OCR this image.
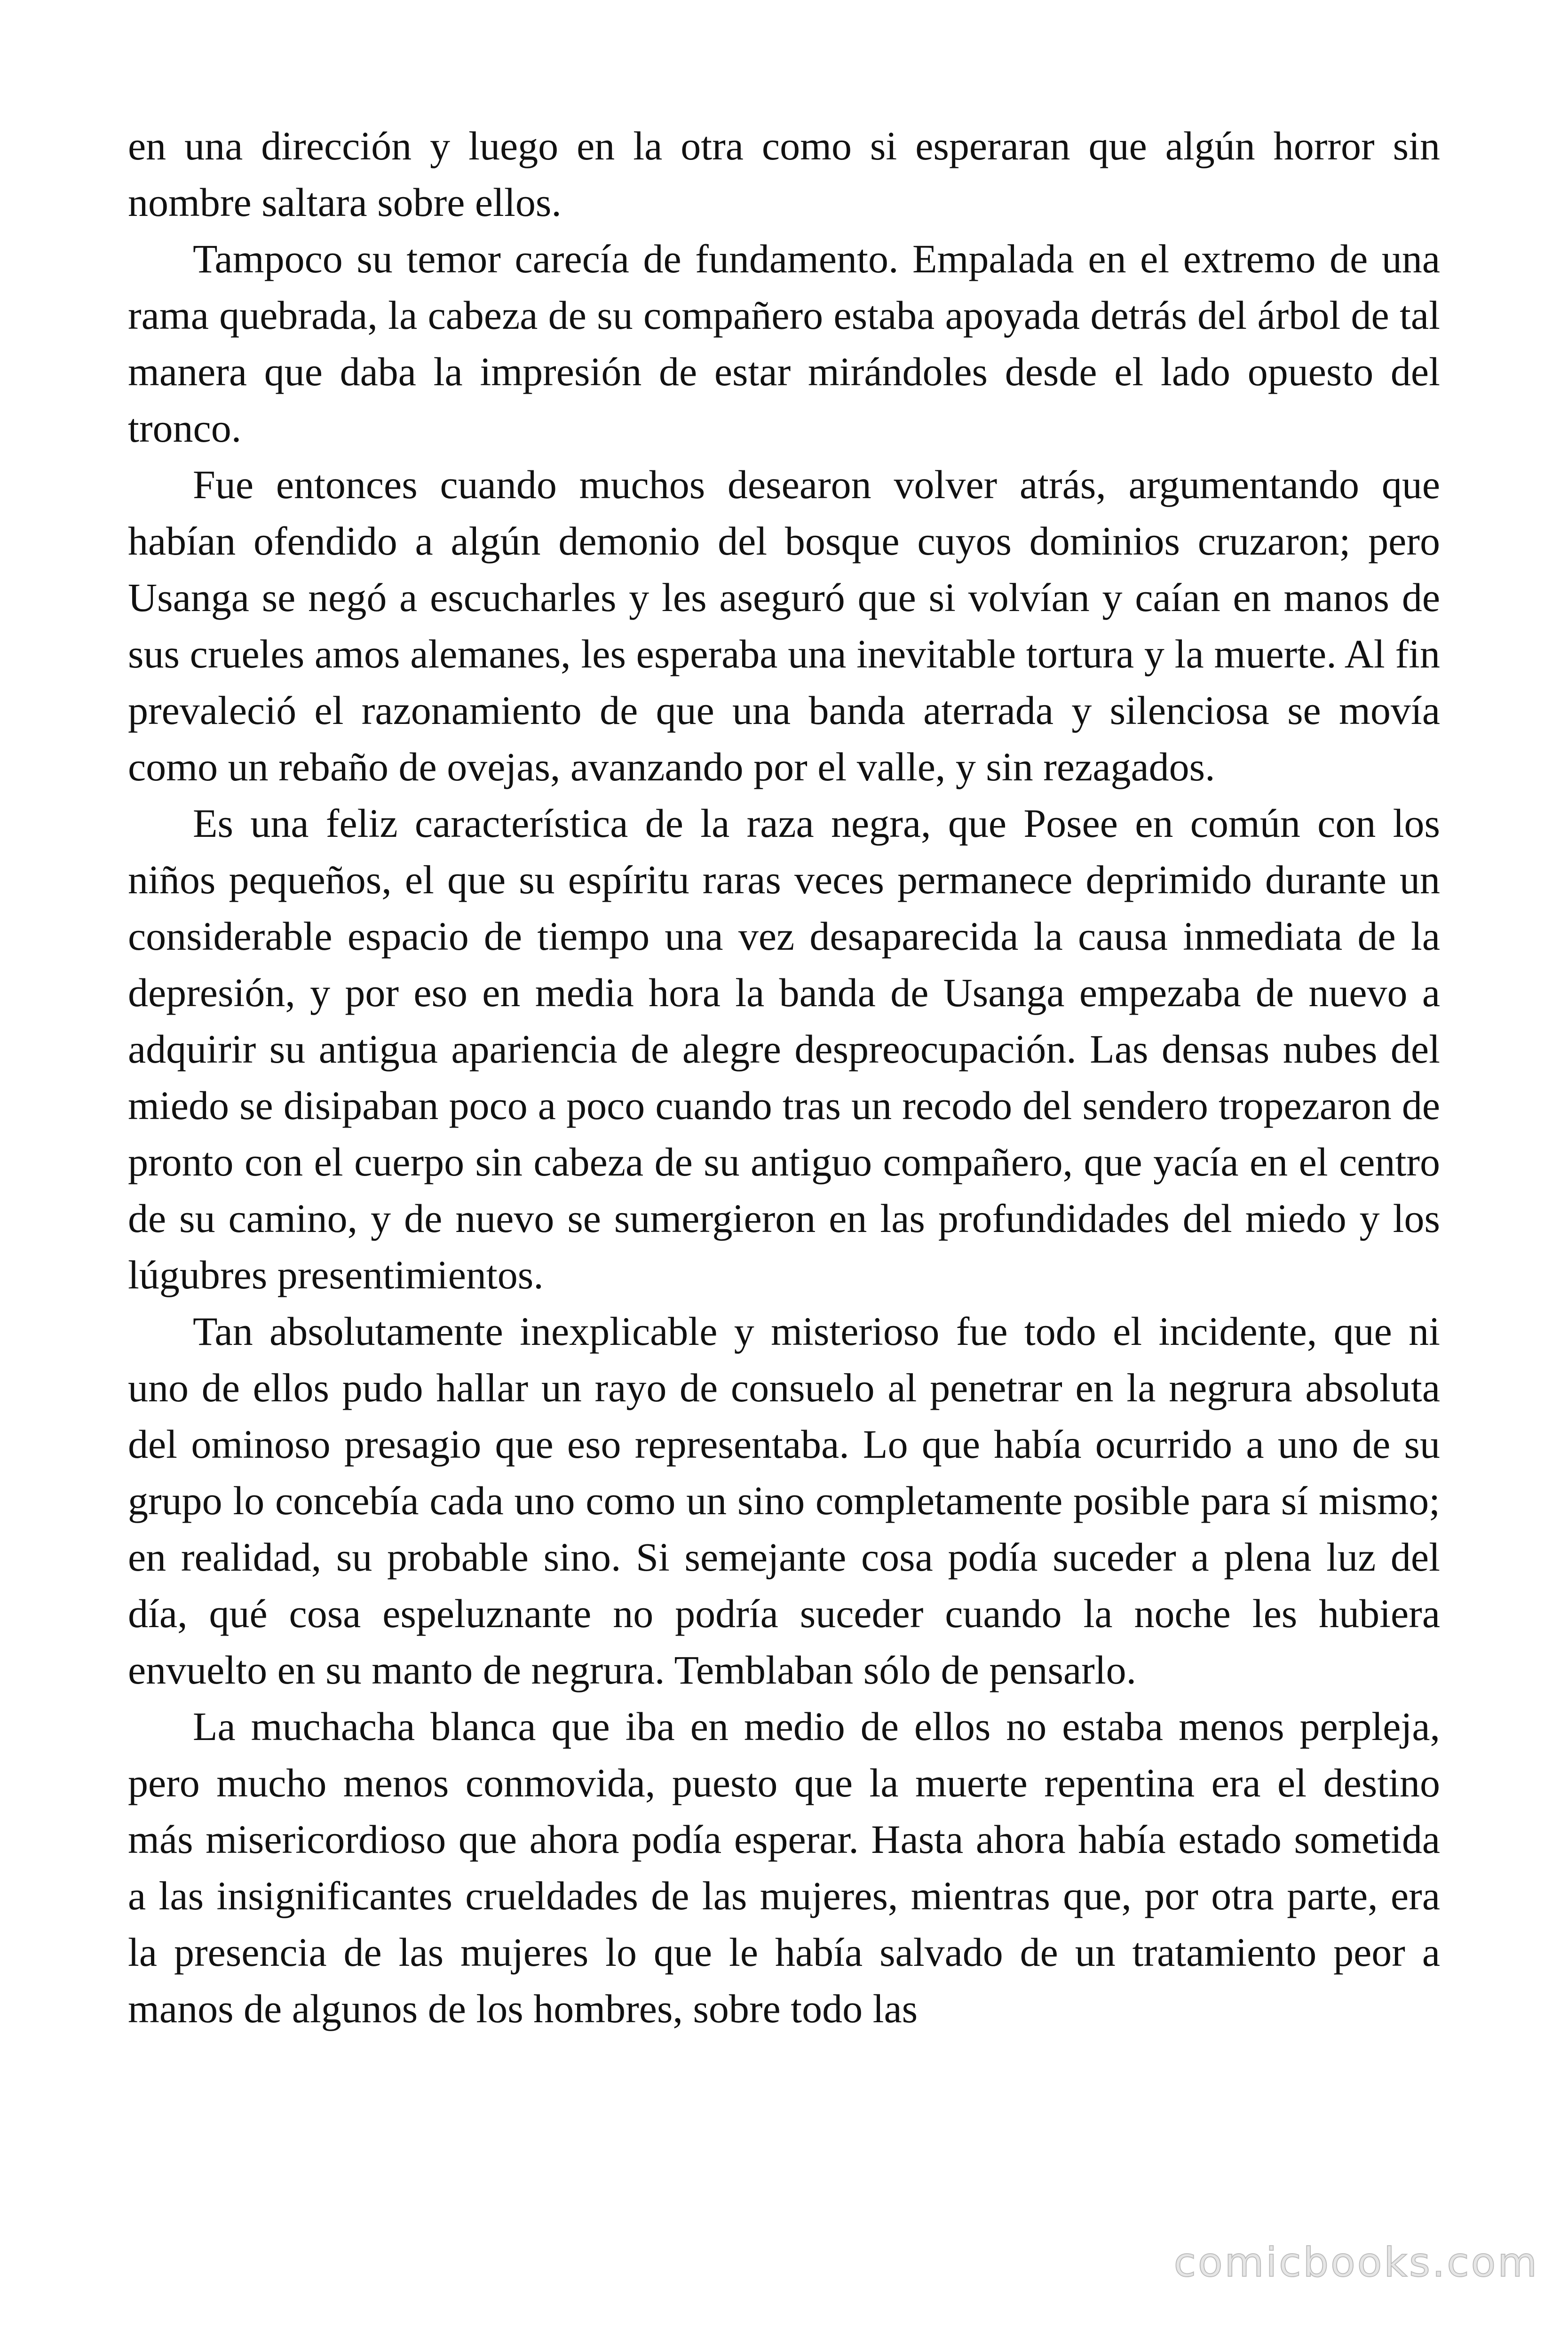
en una dirección y luego en la otra como si esperaran que algún horror sin nombre saltara sobre ellos.

Tampoco su temor carecía de fundamento. Empalada en el extremo de una rama quebrada, la cabeza de su compañero estaba apoyada detrás del árbol de tal manera que daba la impresión de estar mirándoles desde el lado opuesto del tronco.

Fue entonces cuando muchos desearon volver atrás, argumentando que habían ofendido a algún demonio del bosque cuyos dominios cruzaron; pero Usanga se negó a escucharles y les aseguró que si volvían y caían en manos de sus crueles amos alemanes, les esperaba una inevitable tortura y la muerte. Al fin prevaleció el razonamiento de que una banda aterrada y silenciosa se movía como un rebaño de ovejas, avanzando por el valle, y sin rezagados.

Es una feliz característica de la raza negra, que Posee en común con los niños pequeños, el que su espíritu raras veces permanece deprimido durante un considerable espacio de tiempo una vez desaparecida la causa inmediata de la depresión, y por eso en media hora la banda de Usanga empezaba de nuevo a adquirir su antigua apariencia de alegre despreocupación. Las densas nubes del miedo se disipaban poco a poco cuando tras un recodo del sendero tropezaron de pronto con el cuerpo sin cabeza de su antiguo compañero, que yacía en el centro de su camino, y de nuevo se sumergieron en las profundidades del miedo y los lúgubres presentimientos.

Tan absolutamente inexplicable y misterioso fue todo el incidente, que ni uno de ellos pudo hallar un rayo de consuelo al penetrar en la negrura absoluta del ominoso presagio que eso representaba. Lo que había ocurrido a uno de su grupo lo concebía cada uno como un sino completamente posible para sí mismo; en realidad, su probable sino. Si semejante cosa podía suceder a plena luz del día, qué cosa espeluznante no podría suceder cuando la noche les hubiera envuelto en su manto de negrura. Temblaban sólo de pensarlo.

La muchacha blanca que iba en medio de ellos no estaba menos perpleja, pero mucho menos conmovida, puesto que la muerte repentina era el destino más misericordioso que ahora podía esperar. Hasta ahora había estado sometida a las insignificantes crueldades de las mujeres, mientras que, por otra parte, era la presencia de las mujeres lo que le había salvado de un tratamiento peor a manos de algunos de los hombres, sobre todo las

comicbooks.com
